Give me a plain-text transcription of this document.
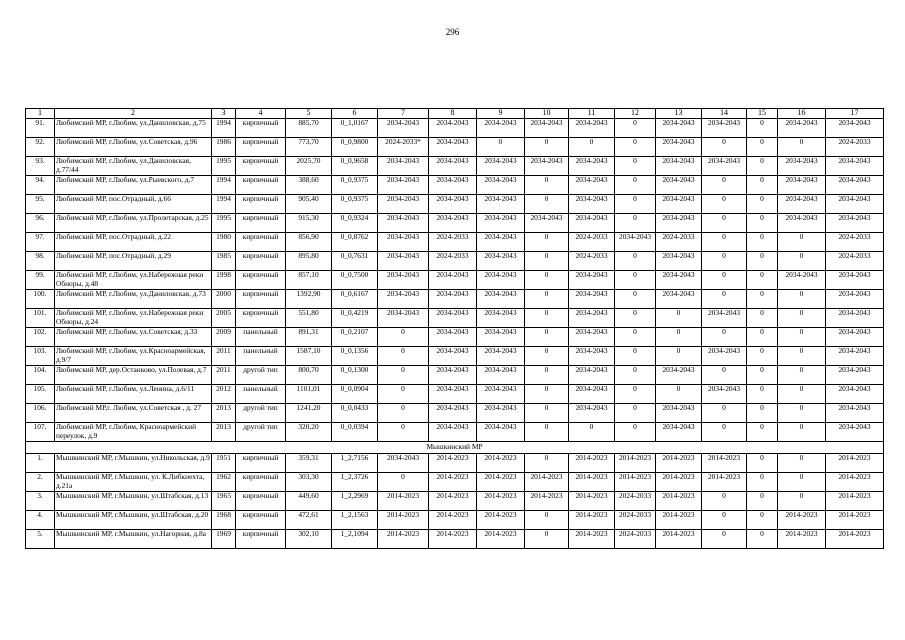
296
1	2	3	4	5	6	7	8	9	10	11	12	13	14	15	16	17
91.	Любимский МР, г.Любим, ул.Даниловская, д.75	1994	кирпичный	885,70	0_1,0167	2034-2043	2034-2043	2034-2043	2034-2043	2034-2043	0	2034-2043	2034-2043	0	2034-2043	2034-2043
92.	Любимский МР, г.Любим, ул.Советская, д.96	1986	кирпичный	773,70	0_0,9800	2024-2033*	2034-2043	0	0	0	0	2034-2043	0	0	0	2024-2033
93.	Любимский МР, г.Любим, ул.Даниловская, д.77/44	1995	кирпичный	2025,70	0_0,9658	2034-2043	2034-2043	2034-2043	2034-2043	2034-2043	0	2034-2043	2034-2043	0	2034-2043	2034-2043
94.	Любимский МР, г.Любим, ул.Рыевского, д.7	1994	кирпичный	388,60	0_0,9375	2034-2043	2034-2043	2034-2043	0	2034-2043	0	2034-2043	0	0	2034-2043	2034-2043
95.	Любимский МР, пос.Отрадный, д.66	1994	кирпичный	905,40	0_0,9375	2034-2043	2034-2043	2034-2043	0	2034-2043	0	2034-2043	0	0	2034-2043	2034-2043
96.	Любимский МР, г.Любим, ул.Пролетарская, д.25	1995	кирпичный	915,30	0_0,9324	2034-2043	2034-2043	2034-2043	2034-2043	2034-2043	0	2034-2043	0	0	2034-2043	2034-2043
97.	Любимский МР, пос.Отрадный, д.22	1980	кирпичный	856,90	0_0,8762	2034-2043	2024-2033	2034-2043	0	2024-2033	2034-2043	2024-2033	0	0	0	2024-2033
98.	Любимский МР, пос.Отрадный, д.29	1985	кирпичный	895,80	0_0,7631	2034-2043	2024-2033	2034-2043	0	2024-2033	0	2034-2043	0	0	0	2024-2033
99.	Любимский МР, г.Любим, ул.Набережная реки Обноры, д.48	1998	кирпичный	857,10	0_0,7500	2034-2043	2034-2043	2034-2043	0	2034-2043	0	2034-2043	0	0	2034-2043	2034-2043
100.	Любимский МР, г.Любим, ул.Даниловская, д.73	2000	кирпичный	1392,90	0_0,6167	2034-2043	2034-2043	2034-2043	0	2034-2043	0	2034-2043	0	0	0	2034-2043
101.	Любимский МР, г.Любим, ул.Набережная реки Обноры, д.24	2005	кирпичный	551,80	0_0,4219	2034-2043	2034-2043	2034-2043	0	2034-2043	0	0	2034-2043	0	0	2034-2043
102.	Любимский МР, г.Любим, ул.Советская, д.33	2009	панельный	891,31	0_0,2107	0	2034-2043	2034-2043	0	2034-2043	0	0	0	0	0	2034-2043
103.	Любимский МР, г.Любим, ул.Красноармейская, д.9/7	2011	панельный	1587,10	0_0,1356	0	2034-2043	2034-2043	0	2034-2043	0	0	2034-2043	0	0	2034-2043
104.	Любимский МР, дер.Останково, ул.Полевая, д.7	2011	другой тип	800,70	0_0,1300	0	2034-2043	2034-2043	0	2034-2043	0	2034-2043	0	0	0	2034-2043
105.	Любимский МР, г.Любим, ул.Ленина, д.6/11	2012	панельный	1101,01	0_0,0904	0	2034-2043	2034-2043	0	2034-2043	0	0	2034-2043	0	0	2034-2043
106.	Любимский МР,г. Любим, ул.Советская , д. 27	2013	другой тип	1241,20	0_0,0433	0	2034-2043	2034-2043	0	2034-2043	0	2034-2043	0	0	0	2034-2043
107.	Любимский МР, г.Любим, Красноармейский переулок, д.9	2013	другой тип	320,20	0_0,0394	0	2034-2043	2034-2043	0	0	0	2034-2043	0	0	0	2034-2043
Мышкинский МР																
1.	Мышкинский МР, г.Мышкин, ул.Никольская, д.9	1951	кирпичный	359,31	1_2,7156	2034-2043	2014-2023	2014-2023	0	2014-2023	2014-2023	2014-2023	2014-2023	0	0	2014-2023
2.	Мышкинский МР, г.Мышкин, ул. К.Либкнехта, д.21а	1962	кирпичный	303,30	1_2,3726	0	2014-2023	2014-2023	2014-2023	2014-2023	2014-2023	2014-2023	2014-2023	0	0	2014-2023
3.	Мышкинский МР, г.Мышкин, ул.Штабская, д.13	1965	кирпичный	449,60	1_2,2969	2014-2023	2014-2023	2014-2023	2014-2023	2014-2023	2024-2033	2014-2023	0	0	0	2014-2023
4.	Мышкинский МР, г.Мышкин, ул.Штабская, д.20	1968	кирпичный	472,61	1_2,1563	2014-2023	2014-2023	2014-2023	0	2014-2023	2024-2033	2014-2023	0	0	2014-2023	2014-2023
5.	Мышкинский МР, г.Мышкин, ул.Нагорная, д.8а	1969	кирпичный	302,10	1_2,1094	2014-2023	2014-2023	2014-2023	0	2014-2023	2024-2033	2014-2023	0	0	2014-2023	2014-2023
